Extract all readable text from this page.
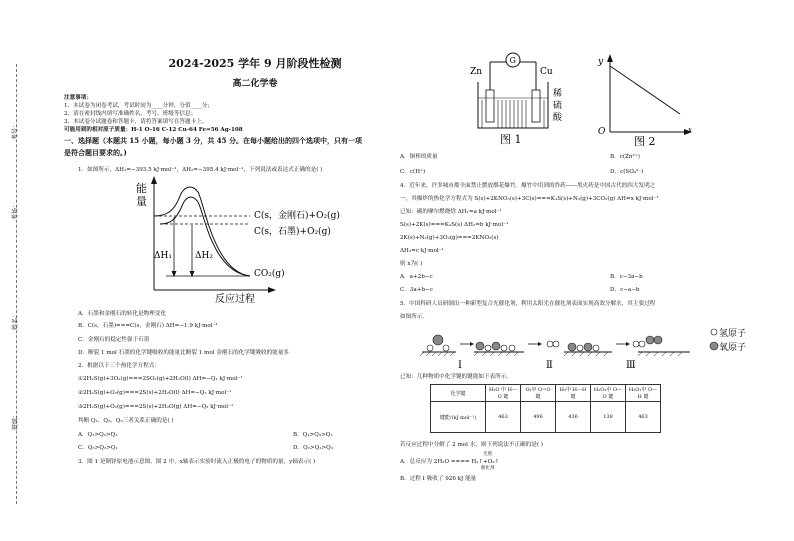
考号：
考场：
姓名：
班级：
2024-2025 学年 9 月阶段性检测
高二化学卷
注意事项：
1、本试卷为闭卷考试，考试时间为____分钟，分值____分；
2、请在密封线内填写准确姓名、考号、班级等信息；
3、本试卷分试题卷和答题卡，请将答案填写在答题卡上。
可能用到的相对原子质量：H-1 O-16 C-12 Cu-64 Fe=56 Ag-108
一、选择题（本题共 15 小题，每小题 3 分，共 45 分。在每小题给出的四个选项中，只有一项
是符合题目要求的。)
1．如图所示，ΔH₁=−393.5 kJ·mol⁻¹，ΔH₂=−395.4 kJ·mol⁻¹，下列说法或表达式正确的是( )
能
量
反应过程
ΔH₁	ΔH₂
C(s，金刚石)+O₂(g)
C(s，石墨)+O₂(g)
CO₂(g)
A．石墨和金刚石的转化是物理变化
B．C(s，石墨)===C(s，金刚石) ΔH=−1.9 kJ·mol⁻¹
C．金刚石的稳定性强于石墨
D．断裂 1 mol 石墨的化学键吸收的能量比断裂 1 mol 金刚石的化学键吸收的能量多
2．根据以下三个热化学方程式：
①2H₂S(g)+3O₂(g)===2SO₂(g)+2H₂O(l) ΔH=−Q₁ kJ·mol⁻¹
②2H₂S(g)+O₂(g)===2S(s)+2H₂O(l) ΔH=−Q₂ kJ·mol⁻¹
③2H₂S(g)+O₂(g)===2S(s)+2H₂O(g) ΔH=−Q₃ kJ·mol⁻¹
判断 Q₁、Q₂、Q₃三者关系正确的是( )
A．Q₁>Q₂>Q₃	B．Q₁>Q₃>Q₂
C．Q₃>Q₂>Q₁	D．Q₂>Q₁>Q₃
3．图 1 是铜锌原电池示意图。图 2 中，x轴表示实验时流入正极的电子的物质的量，y轴表示( )
G
Zn	Cu
稀
硫
酸
图 1
y
x
O
图 2
A．铜棒的质量	B．c(Zn²⁺)
C．c(H⁺)	D．c(SO₄²⁻)
4．近年来，许多城市都全面禁止燃放烟花爆竹。爆竹中用到的炸药——黑火药是中国古代的四大发明之
一，其爆炸的热化学方程式为 S(s)+2KNO₃(s)+3C(s)===K₂S(s)+N₂(g)+3CO₂(g) ΔH=x kJ·mol⁻¹
已知：碳的摩尔燃烧焓 ΔH₁=a kJ·mol⁻¹
S(s)+2K(s)===K₂S(s) ΔH₂=b kJ·mol⁻¹
2K(s)+N₂(g)+3O₂(g)===2KNO₃(s)
ΔH₃=c kJ·mol⁻¹
则 x为( )
A．a+2b−c	B．c−3a−b
C．3a+b−c	D．c−a−b
5．中国科研人员研制出一种新型复合光催化剂，利用太阳光在催化剂表面实现高效分解水，其主要过程
如图所示。
Ⅰ	Ⅱ	Ⅲ
氢原子
氧原子
已知：几种物质中化学键的键能如下表所示。
化学键	H₂O 中 H—O 键	O₂中 O=O 键	H₂中 H—H 键	H₂O₂中 O—O 键	H₂O₂中 O—H 键
键能/(kJ·mol⁻¹)	463	496	436	138	463
若反应过程中分解了 2 mol 水，则下列说法不正确的是( )
光照
A．总反应为 2H₂O ==== H₂↑+O₂↑
催化剂
B．过程 I 吸收了 926 kJ 能量
